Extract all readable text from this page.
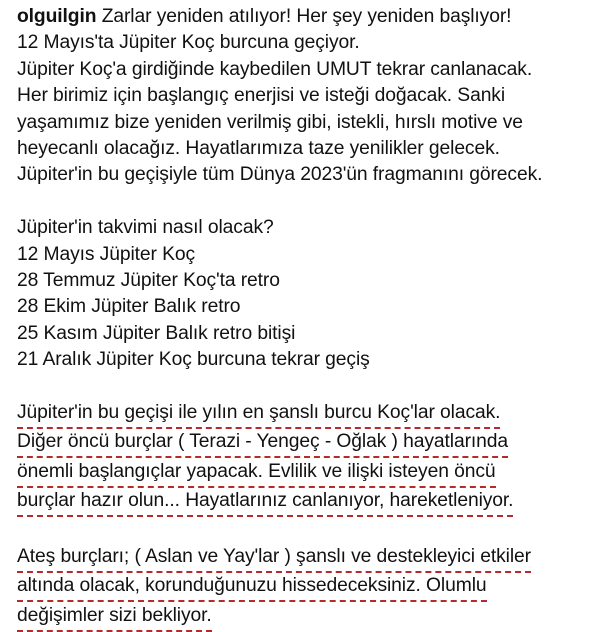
olguilgin Zarlar yeniden atılıyor! Her şey yeniden başlıyor!
12 Mayıs'ta Jüpiter Koç burcuna geçiyor.
Jüpiter Koç'a girdiğinde kaybedilen UMUT tekrar canlanacak.
Her birimiz için başlangıç enerjisi ve isteği doğacak. Sanki
yaşamımız bize yeniden verilmiş gibi, istekli, hırslı motive ve
heyecanlı olacağız. Hayatlarımıza taze yenilikler gelecek.
Jüpiter'in bu geçişiyle tüm Dünya 2023'ün fragmanını görecek.
Jüpiter'in takvimi nasıl olacak?
12 Mayıs Jüpiter Koç
28 Temmuz Jüpiter Koç'ta retro
28 Ekim Jüpiter Balık retro
25 Kasım Jüpiter Balık retro bitişi
21 Aralık Jüpiter Koç burcuna tekrar geçiş
Jüpiter'in bu geçişi ile yılın en şanslı burcu Koç'lar olacak.
Diğer öncü burçlar ( Terazi - Yengeç - Oğlak ) hayatlarında
önemli başlangıçlar yapacak. Evlilik ve ilişki isteyen öncü
burçlar hazır olun... Hayatlarınız canlanıyor, hareketleniyor.
Ateş burçları; ( Aslan ve Yay'lar ) şanslı ve destekleyici etkiler
altında olacak, korunduğunuzu hissedeceksiniz. Olumlu
değişimler sizi bekliyor.
